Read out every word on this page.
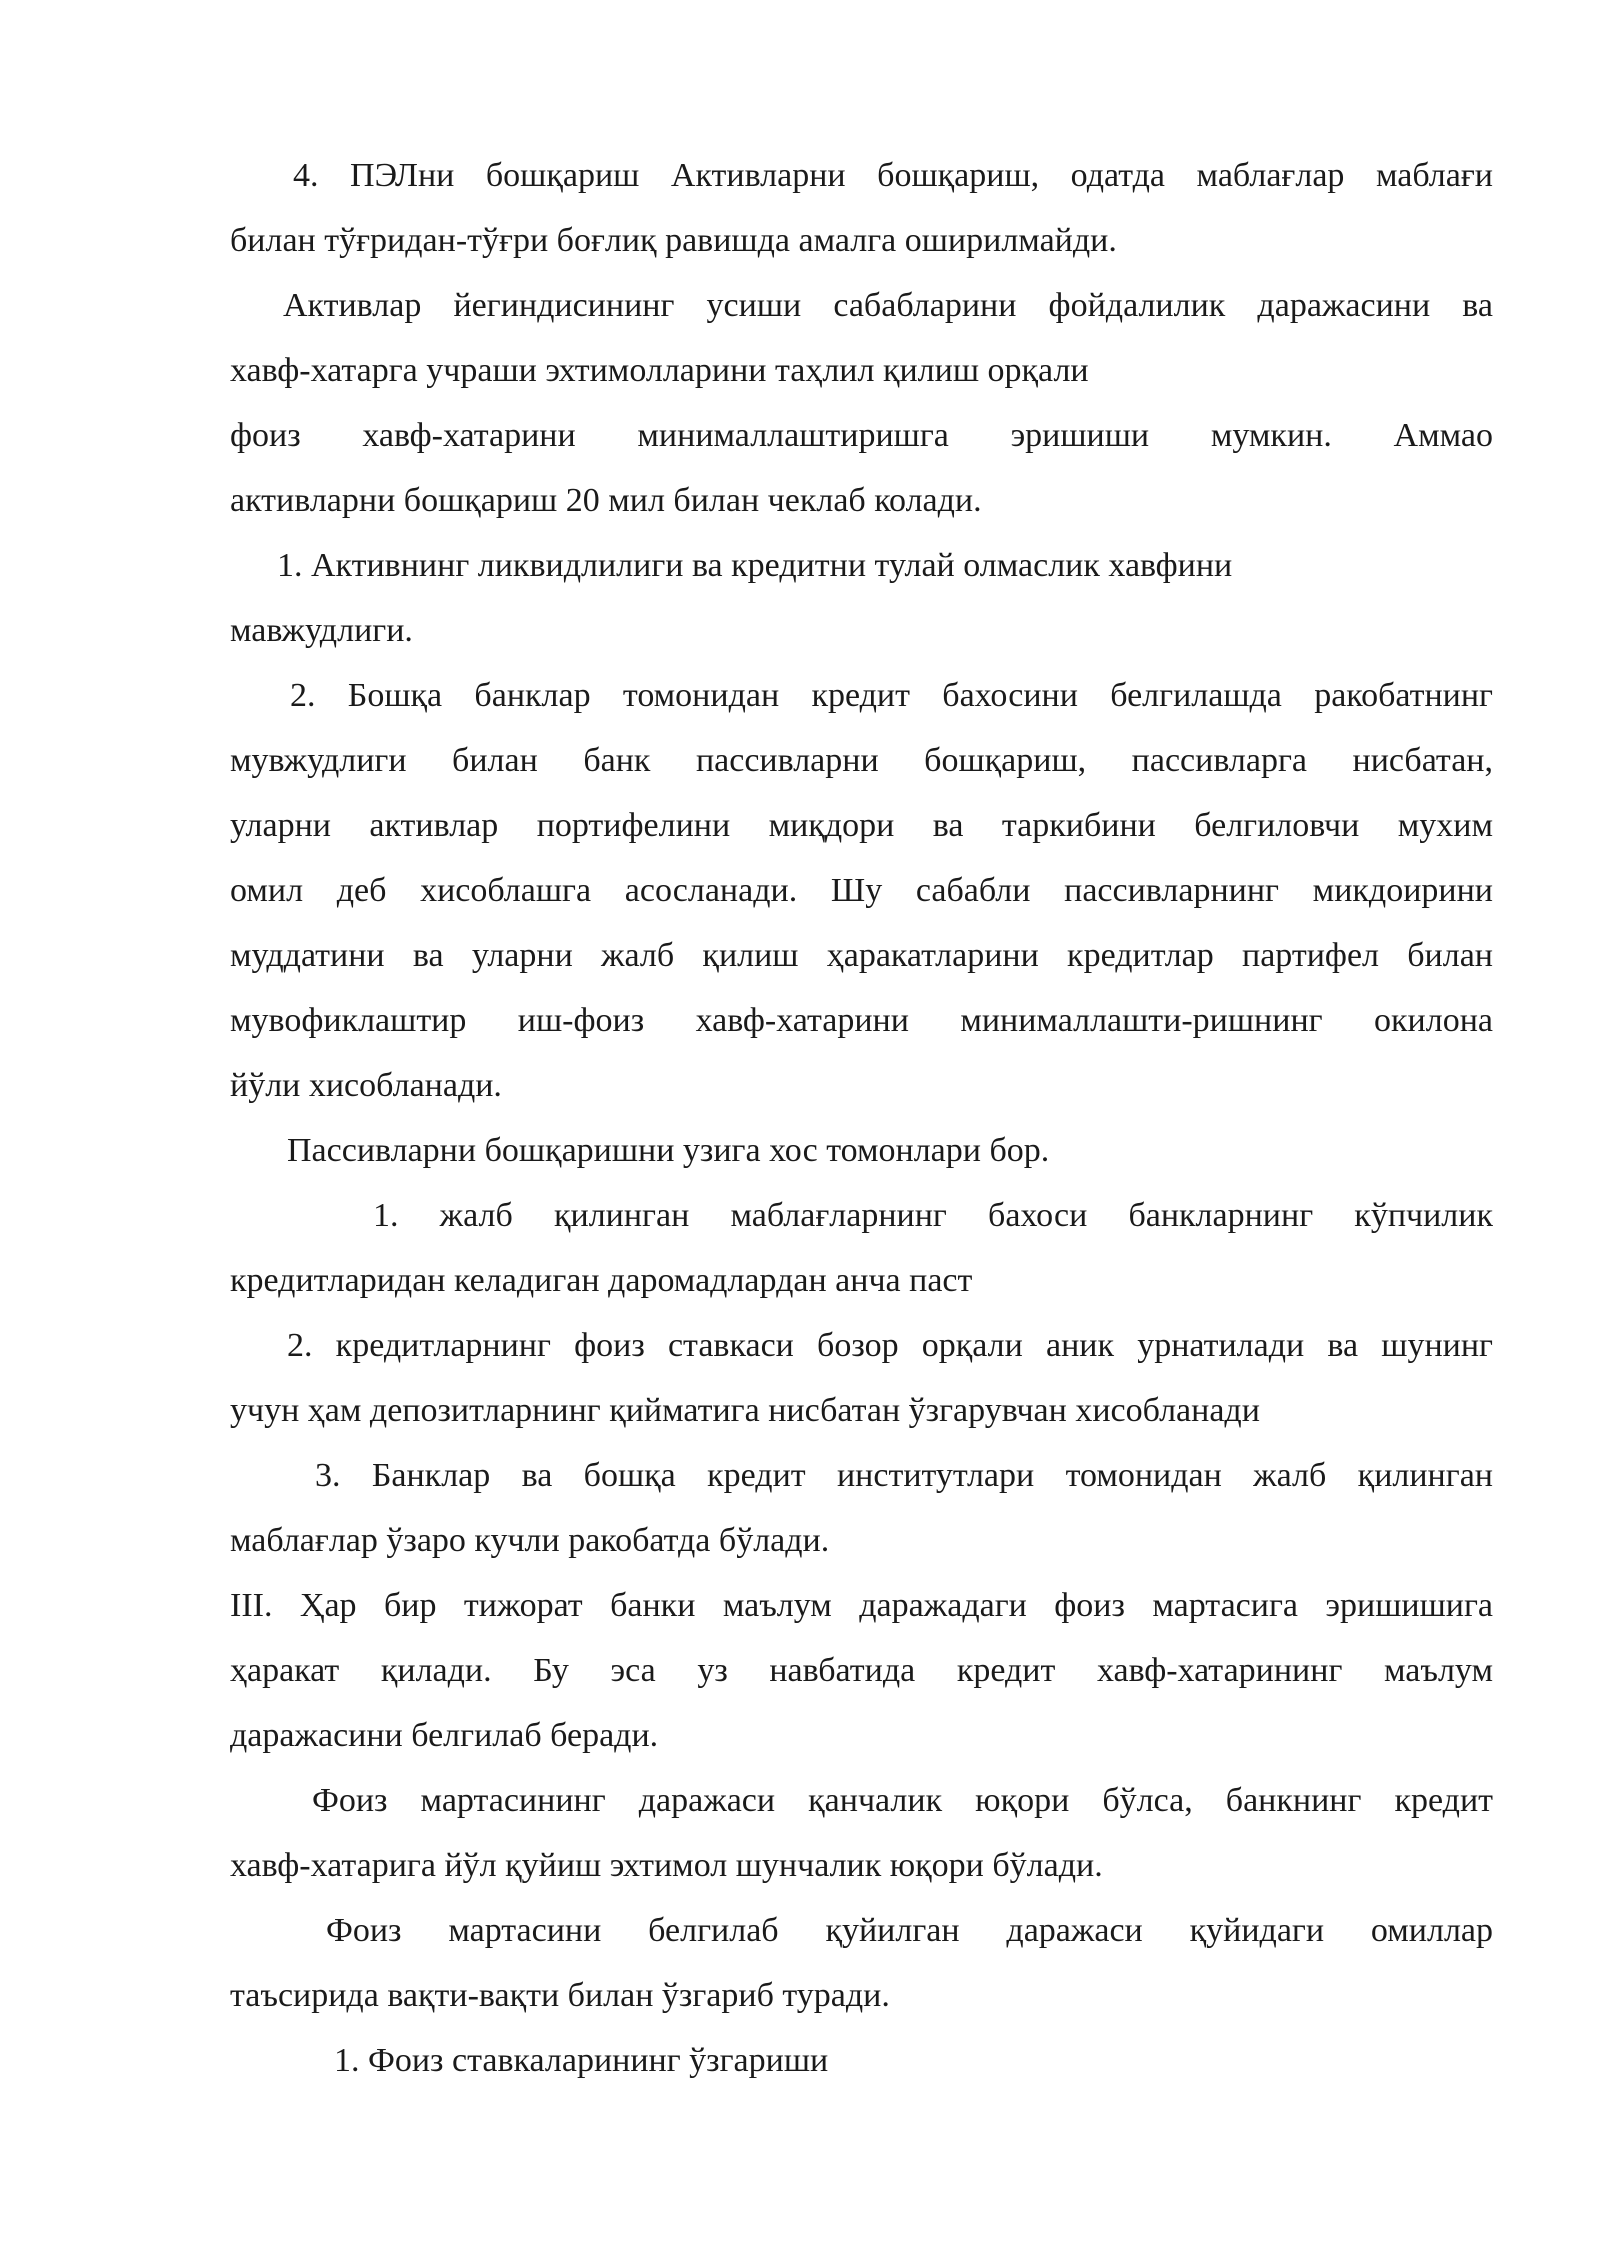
4. ПЭЛни бошқариш Активларни бошқариш, одатда маблағлар маблағи
билан тўғридан-тўғри боғлиқ равишда амалга оширилмайди.
Активлар йегиндисининг усиши сабабларини фойдалилик даражасини ва
хавф-хатарга учраши эхтимолларини таҳлил қилиш орқали
фоиз хавф-хатарини минималлаштиришга эришиши мумкин. Аммао
активларни бошқариш 20 мил билан чеклаб колади.
1. Активнинг ликвидлилиги ва кредитни тулай олмаслик хавфини
мавжудлиги.
2. Бошқа банклар томонидан кредит бахосини белгилашда ракобатнинг
мувжудлиги билан банк пассивларни бошқариш, пассивларга нисбатан,
уларни активлар портифелини миқдори ва таркибини белгиловчи мухим
омил деб хисоблашга асосланади. Шу сабабли пассивларнинг микдоирини
муддатини ва уларни жалб қилиш ҳаракатларини кредитлар партифел билан
мувофиклаштир иш-фоиз хавф-хатарини минималлашти-ришнинг окилона
йўли хисобланади.
Пассивларни бошқаришни узига хос томонлари бор.
1. жалб қилинган маблағларнинг бахоси банкларнинг кўпчилик
кредитларидан келадиган даромадлардан анча паст
2. кредитларнинг фоиз ставкаси бозор орқали аник урнатилади ва шунинг
учун ҳам депозитларнинг қийматига нисбатан ўзгарувчан хисобланади
3. Банклар ва бошқа кредит институтлари томонидан жалб қилинган
маблағлар ўзаро кучли ракобатда бўлади.
III. Ҳар бир тижорат банки маълум даражадаги фоиз мартасига эришишига
ҳаракат қилади. Бу эса уз навбатида кредит хавф-хатарининг маълум
даражасини белгилаб беради.
Фоиз мартасининг даражаси қанчалик юқори бўлса, банкнинг кредит
хавф-хатарига йўл қуйиш эхтимол шунчалик юқори бўлади.
Фоиз мартасини белгилаб қуйилган даражаси қуйидаги омиллар
таъсирида вақти-вақти билан ўзгариб туради.
1. Фоиз ставкаларининг ўзгариши
